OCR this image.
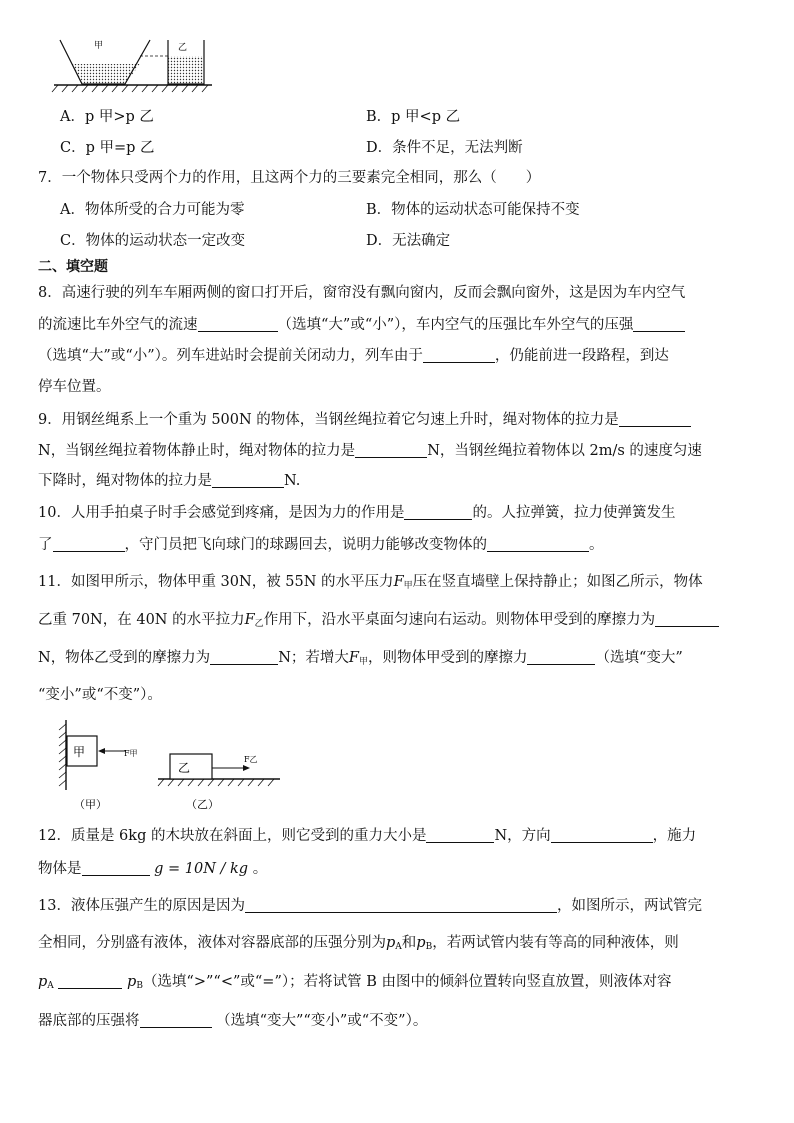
甲	乙
A．p 甲>p 乙	B．p 甲<p 乙
C．p 甲=p 乙	D．条件不足，无法判断
7．一个物体只受两个力的作用，且这两个力的三要素完全相同，那么（　　）
A．物体所受的合力可能为零	B．物体的运动状态可能保持不变
C．物体的运动状态一定改变	D．无法确定
二、填空题
8．高速行驶的列车车厢两侧的窗口打开后，窗帘没有飘向窗内，反而会飘向窗外，这是因为车内空气
的流速比车外空气的流速	（选填“大”或“小”），车内空气的压强比车外空气的压强
（选填“大”或“小”）。列车进站时会提前关闭动力，列车由于	，仍能前进一段路程，到达
停车位置。
9．用钢丝绳系上一个重为 500N 的物体，当钢丝绳拉着它匀速上升时，绳对物体的拉力是
N，当钢丝绳拉着物体静止时，绳对物体的拉力是	N，当钢丝绳拉着物体以 2m/s 的速度匀速
下降时，绳对物体的拉力是	N.
10．人用手拍桌子时手会感觉到疼痛，是因为力的作用是	的。人拉弹簧，拉力使弹簧发生
了	，守门员把飞向球门的球踢回去，说明力能够改变物体的	。
11．如图甲所示，物体甲重 30N，被 55N 的水平压力$F_甲$压在竖直墙壁上保持静止；如图乙所示，物体
乙重 70N，在 40N 的水平拉力$F_乙$作用下，沿水平桌面匀速向右运动。则物体甲受到的摩擦力为
N，物体乙受到的摩擦力为	N；若增大$F_甲$，则物体甲受到的摩擦力	（选填“变大”
“变小”或“不变”）。
甲	F甲
乙
F乙
（甲）	（乙）
12．质量是 6kg 的木块放在斜面上，则它受到的重力大小是	N，方向	，施力
物体是	g = 10N / kg 。
13．液体压强产生的原因是因为	，如图所示，两试管完
全相同，分别盛有液体，液体对容器底部的压强分别为$p_A$和$p_B$，若两试管内装有等高的同种液体，则
$p_A$	$p_B$（选填“>”“<”或“=”）；若将试管 B 由图中的倾斜位置转向竖直放置，则液体对容
器底部的压强将	（选填“变大”“变小”或“不变”）。
